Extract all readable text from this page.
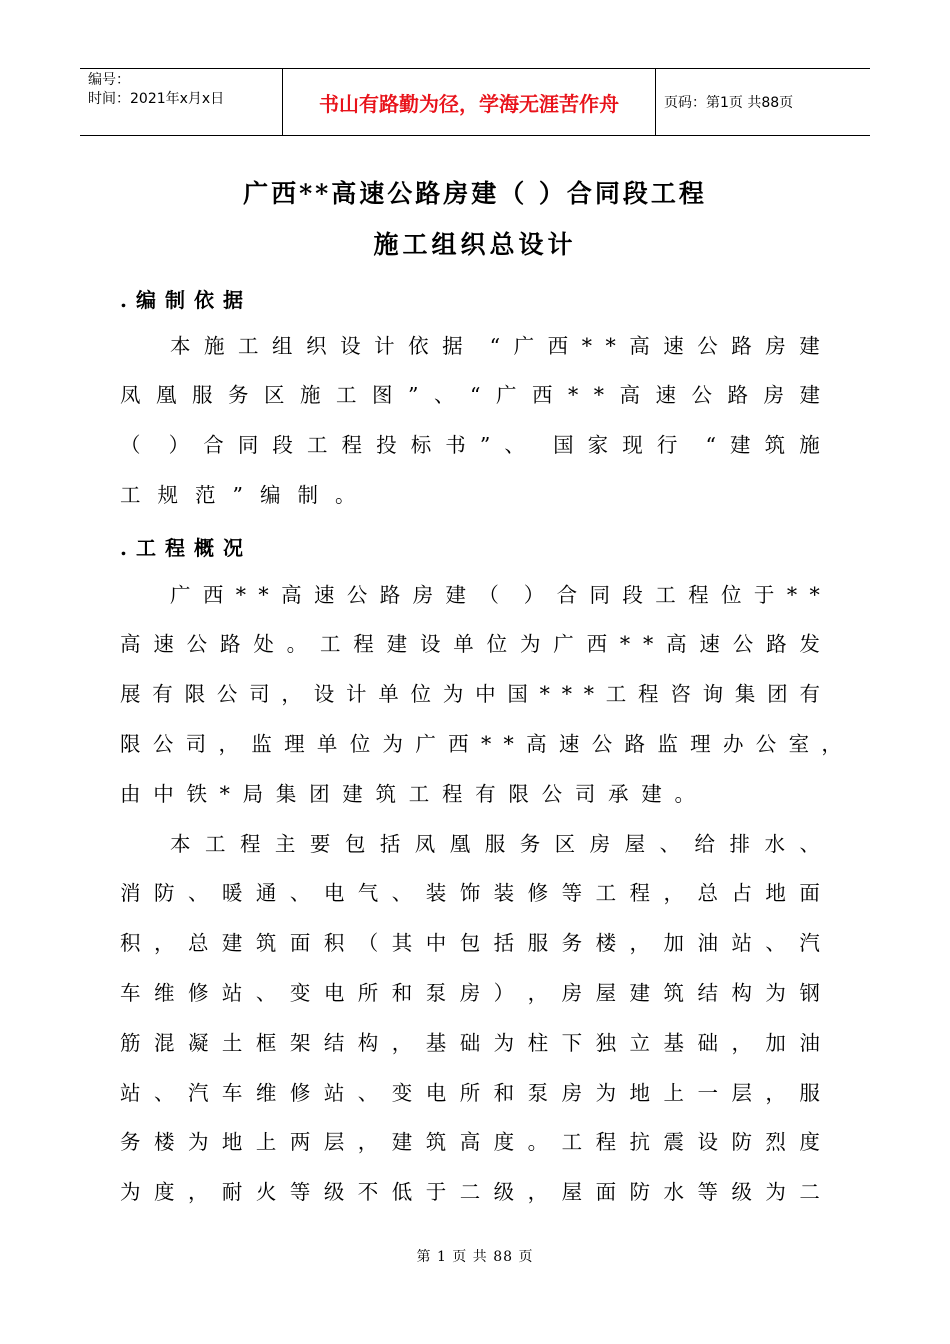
编号：
时间：2021年x月x日	书山有路勤为径，学海无涯苦作舟	页码：第1页 共88页
广西**高速公路房建（ ）合同段工程
施工组织总设计
.编制依据
本 施 工 组 织 设 计 依 据 “ 广 西 * * 高 速 公 路 房 建
凤 凰 服 务 区 施 工 图 ” 、 “ 广 西 * * 高 速 公 路 房 建
（ ） 合 同 段 工 程 投 标 书 ” 、 国 家 现 行 “ 建 筑 施
工规范”编制。
.工程概况
广 西 * * 高 速 公 路 房 建 （ ） 合 同 段 工 程 位 于 * *
高 速 公 路 处 。 工 程 建 设 单 位 为 广 西 * * 高 速 公 路 发
展 有 限 公 司 ， 设 计 单 位 为 中 国 * * * 工 程 咨 询 集 团 有
限 公 司 ， 监 理 单 位 为 广 西 * * 高 速 公 路 监 理 办 公 室 ，
由 中 铁 * 局 集 团 建 筑 工 程 有 限 公 司 承 建 。
本 工 程 主 要 包 括 凤 凰 服 务 区 房 屋 、 给 排 水 、
消 防 、 暖 通 、 电 气 、 装 饰 装 修 等 工 程 ， 总 占 地 面
积 ， 总 建 筑 面 积 （ 其 中 包 括 服 务 楼 ， 加 油 站 、 汽
车 维 修 站 、 变 电 所 和 泵 房 ） ， 房 屋 建 筑 结 构 为 钢
筋 混 凝 土 框 架 结 构 ， 基 础 为 柱 下 独 立 基 础 ， 加 油
站 、 汽 车 维 修 站 、 变 电 所 和 泵 房 为 地 上 一 层 ， 服
务 楼 为 地 上 两 层 ， 建 筑 高 度 。 工 程 抗 震 设 防 烈 度
为 度 ， 耐 火 等 级 不 低 于 二 级 ， 屋 面 防 水 等 级 为 二
第 1 页 共 88 页
